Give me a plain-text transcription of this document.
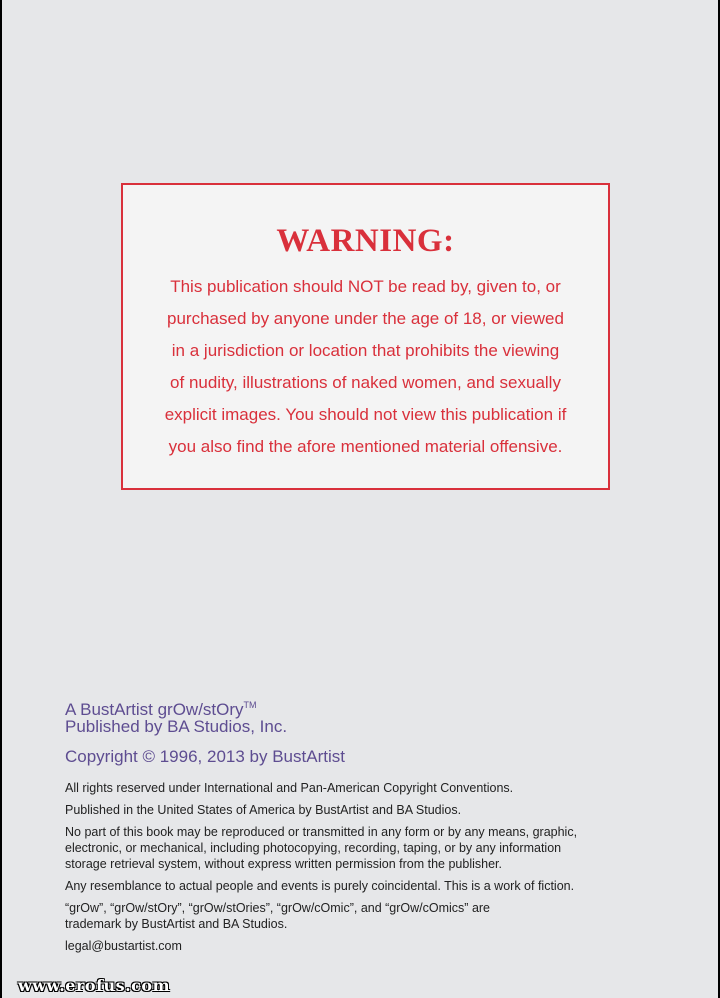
WARNING:
This publication should NOT be read by, given to, or
purchased by anyone under the age of 18, or viewed
in a jurisdiction or location that prohibits the viewing
of nudity, illustrations of naked women, and sexually
explicit images. You should not view this publication if
you also find the afore mentioned material offensive.
A BustArtist grOw/stOry™
Published by BA Studios, Inc.
Copyright © 1996, 2013 by BustArtist
All rights reserved under International and Pan-American Copyright Conventions.
Published in the United States of America by BustArtist and BA Studios.
No part of this book may be reproduced or transmitted in any form or by any means, graphic,
electronic, or mechanical, including photocopying, recording, taping, or by any information
storage retrieval system, without express written permission from the publisher.
Any resemblance to actual people and events is purely coincidental. This is a work of fiction.
“grOw”, “grOw/stOry”, “grOw/stOries”, “grOw/cOmic”, and “grOw/cOmics” are
trademark by BustArtist and BA Studios.
legal@bustartist.com
www.erofus.com
